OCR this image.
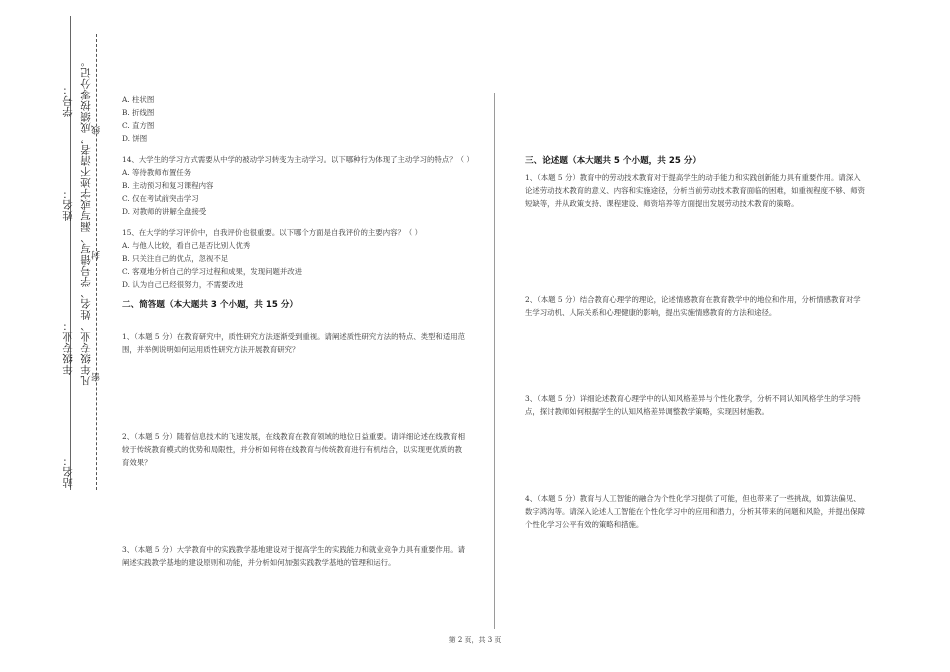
学号：
姓名：
年级专业：
站名：
凡年级专业、姓名、学号错写、漏写或字迹不清者，成绩按零分记。 线
封
密
A. 柱状图
B. 折线图
C. 直方图
D. 饼图
14、大学生的学习方式需要从中学的被动学习转变为主动学习。以下哪种行为体现了主动学习的特点？（ ）
A. 等待教师布置任务
B. 主动预习和复习课程内容
C. 仅在考试前突击学习
D. 对教师的讲解全盘接受
15、在大学的学习评价中，自我评价也很重要。以下哪个方面是自我评价的主要内容？（ ）
A. 与他人比较，看自己是否比别人优秀
B. 只关注自己的优点，忽视不足
C. 客观地分析自己的学习过程和成果，发现问题并改进
D. 认为自己已经很努力，不需要改进
二、简答题（本大题共 3 个小题，共 15 分）
1、（本题 5 分）在教育研究中，质性研究方法逐渐受到重视。请阐述质性研究方法的特点、类型和适用范围，并举例说明如何运用质性研究方法开展教育研究？
2、（本题 5 分）随着信息技术的飞速发展，在线教育在教育领域的地位日益重要。请详细论述在线教育相较于传统教育模式的优势和局限性，并分析如何将在线教育与传统教育进行有机结合，以实现更优质的教育效果？
3、（本题 5 分）大学教育中的实践教学基地建设对于提高学生的实践能力和就业竞争力具有重要作用。请阐述实践教学基地的建设原则和功能，并分析如何加强实践教学基地的管理和运行。
三、论述题（本大题共 5 个小题，共 25 分）
1、（本题 5 分）教育中的劳动技术教育对于提高学生的动手能力和实践创新能力具有重要作用。请深入论述劳动技术教育的意义、内容和实施途径，分析当前劳动技术教育面临的困难，如重视程度不够、师资短缺等，并从政策支持、课程建设、师资培养等方面提出发展劳动技术教育的策略。
2、（本题 5 分）结合教育心理学的理论，论述情感教育在教育教学中的地位和作用，分析情感教育对学生学习动机、人际关系和心理健康的影响，提出实施情感教育的方法和途径。
3、（本题 5 分）详细论述教育心理学中的认知风格差异与个性化教学，分析不同认知风格学生的学习特点，探讨教师如何根据学生的认知风格差异调整教学策略，实现因材施教。
4、（本题 5 分）教育与人工智能的融合为个性化学习提供了可能，但也带来了一些挑战，如算法偏见、数字鸿沟等。请深入论述人工智能在个性化学习中的应用和潜力，分析其带来的问题和风险，并提出保障个性化学习公平有效的策略和措施。
第 2 页，共 3 页
